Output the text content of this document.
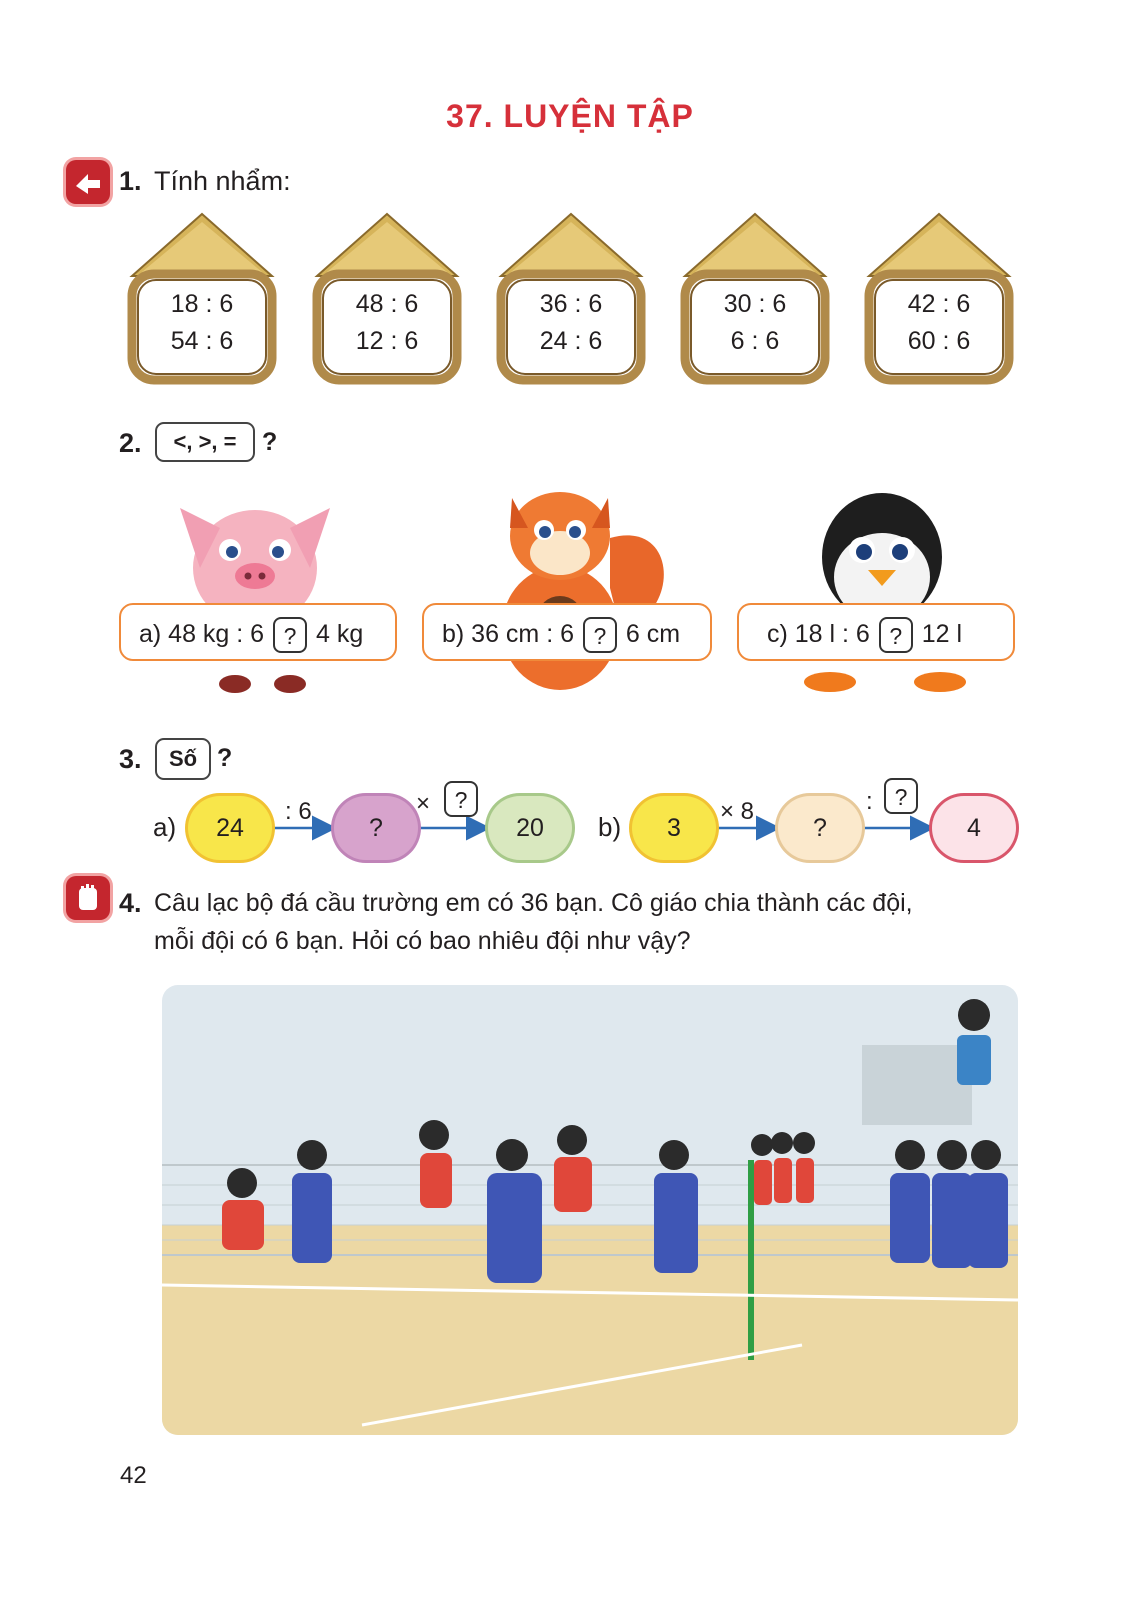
37. LUYỆN TẬP
1. Tính nhẩm:
18 : 6
54 : 6
48 : 6
12 : 6
36 : 6
24 : 6
30 : 6
6 : 6
42 : 6
60 : 6
2.	<, >, =	?
a) 48 kg : 6 ? 4 kg	b) 36 cm : 6 ? 6 cm	c) 18 l : 6 ? 12 l
3.	Số ?
a)	24
: 6
?
×	?
20	b)	3
× 8
?
: ?
4
4. Câu lạc bộ đá cầu trường em có 36 bạn. Cô giáo chia thành các đội,
mỗi đội có 6 bạn. Hỏi có bao nhiêu đội như vậy?
42
